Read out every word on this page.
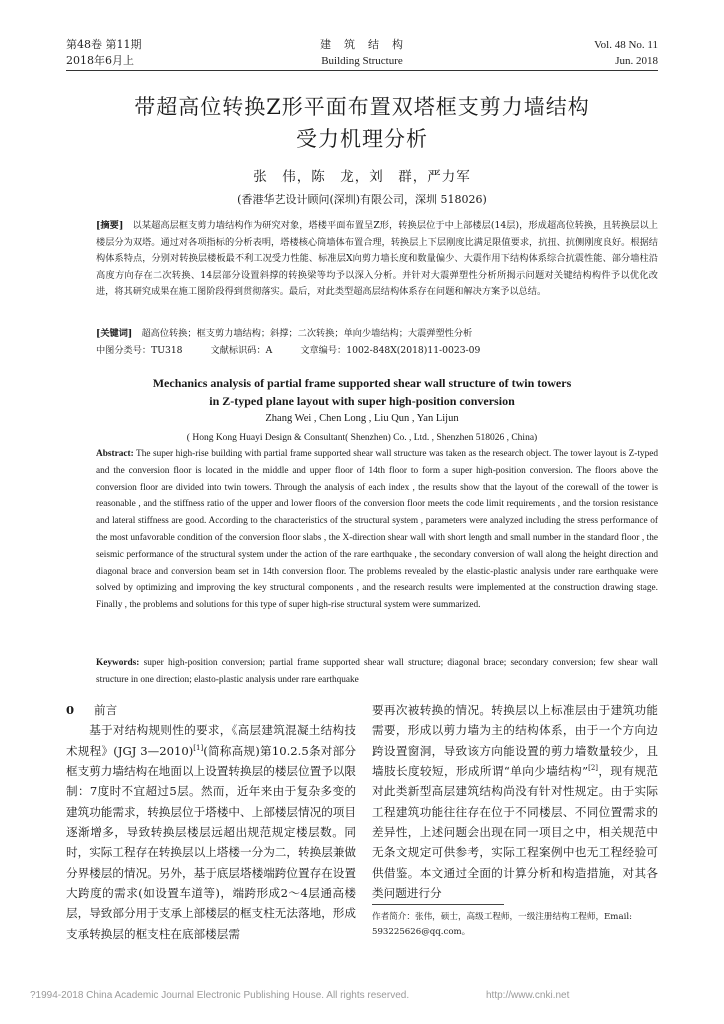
第48卷 第11期
2018年6月上
建　筑　结　构
Building Structure
Vol. 48 No. 11
Jun. 2018
带超高位转换Z形平面布置双塔框支剪力墙结构
受力机理分析
张　伟，陈　龙，刘　群，严力军
(香港华艺设计顾问(深圳)有限公司，深圳 518026)
[摘要]  以某超高层框支剪力墙结构作为研究对象，塔楼平面布置呈Z形，转换层位于中上部楼层(14层)，形成超高位转换，且转换层以上楼层分为双塔。通过对各项指标的分析表明，塔楼核心筒墙体布置合理，转换层上下层刚度比满足限值要求，抗扭、抗侧刚度良好。根据结构体系特点，分别对转换层楼板最不利工况受力性能、标准层X向剪力墙长度和数量偏少、大震作用下结构体系综合抗震性能、部分墙柱沿高度方向存在二次转换、14层部分设置斜撑的转换梁等均予以深入分析。并针对大震弹塑性分析所揭示问题对关键结构构件予以优化改进，将其研究成果在施工图阶段得到贯彻落实。最后，对此类型超高层结构体系存在问题和解决方案予以总结。
[关键词]  超高位转换；框支剪力墙结构；斜撑；二次转换；单向少墙结构；大震弹塑性分析
中图分类号：TU318	文献标识码：A	文章编号：1002-848X(2018)11-0023-09
Mechanics analysis of partial frame supported shear wall structure of twin towers
in Z-typed plane layout with super high-position conversion
Zhang Wei , Chen Long , Liu Qun , Yan Lijun
( Hong Kong Huayi Design & Consultant( Shenzhen) Co. , Ltd. , Shenzhen 518026 , China)
Abstract: The super high-rise building with partial frame supported shear wall structure was taken as the research object. The tower layout is Z-typed and the conversion floor is located in the middle and upper floor of 14th floor to form a super high-position conversion. The floors above the conversion floor are divided into twin towers. Through the analysis of each index , the results show that the layout of the corewall of the tower is reasonable , and the stiffness ratio of the upper and lower floors of the conversion floor meets the code limit requirements , and the torsion resistance and lateral stiffness are good. According to the characteristics of the structural system , parameters were analyzed including the stress performance of the most unfavorable condition of the conversion floor slabs , the X-direction shear wall with short length and small number in the standard floor , the seismic performance of the structural system under the action of the rare earthquake , the secondary conversion of wall along the height direction and diagonal brace and conversion beam set in 14th conversion floor. The problems revealed by the elastic-plastic analysis under rare earthquake were solved by optimizing and improving the key structural components , and the research results were implemented at the construction drawing stage. Finally , the problems and solutions for this type of super high-rise structural system were summarized.
Keywords: super high-position conversion; partial frame supported shear wall structure; diagonal brace; secondary conversion; few shear wall structure in one direction; elasto-plastic analysis under rare earthquake
0 前言

基于对结构规则性的要求，《高层建筑混凝土结构技术规程》(JGJ 3—2010)[1](简称高规)第10.2.5条对部分框支剪力墙结构在地面以上设置转换层的楼层位置予以限制：7度时不宜超过5层。然而，近年来由于复杂多变的建筑功能需求，转换层位于塔楼中、上部楼层情况的项目逐渐增多，导致转换层楼层远超出规范规定楼层数。同时，实际工程存在转换层以上塔楼一分为二，转换层兼做分界楼层的情况。另外，基于底层塔楼端跨位置存在设置大跨度的需求(如设置车道等)，端跨形成2～4层通高楼层，导致部分用于支承上部楼层的框支柱无法落地，形成支承转换层的框支柱在底部楼层需

要再次被转换的情况。转换层以上标准层由于建筑功能需要，形成以剪力墙为主的结构体系，由于一个方向边跨设置窗洞，导致该方向能设置的剪力墙数量较少，且墙肢长度较短，形成所谓“单向少墙结构”[2]，现有规范对此类新型高层建筑结构尚没有针对性规定。由于实际工程建筑功能往往存在位于不同楼层、不同位置需求的差异性，上述问题会出现在同一项目之中，相关规范中无条文规定可供参考，实际工程案例中也无工程经验可供借鉴。本文通过全面的计算分析和构造措施，对其各类问题进行分

作者简介：张伟，硕士，高级工程师，一级注册结构工程师，Email: 593225626@qq.com。
?1994-2018 China Academic Journal Electronic Publishing House. All rights reserved.	http://www.cnki.net
